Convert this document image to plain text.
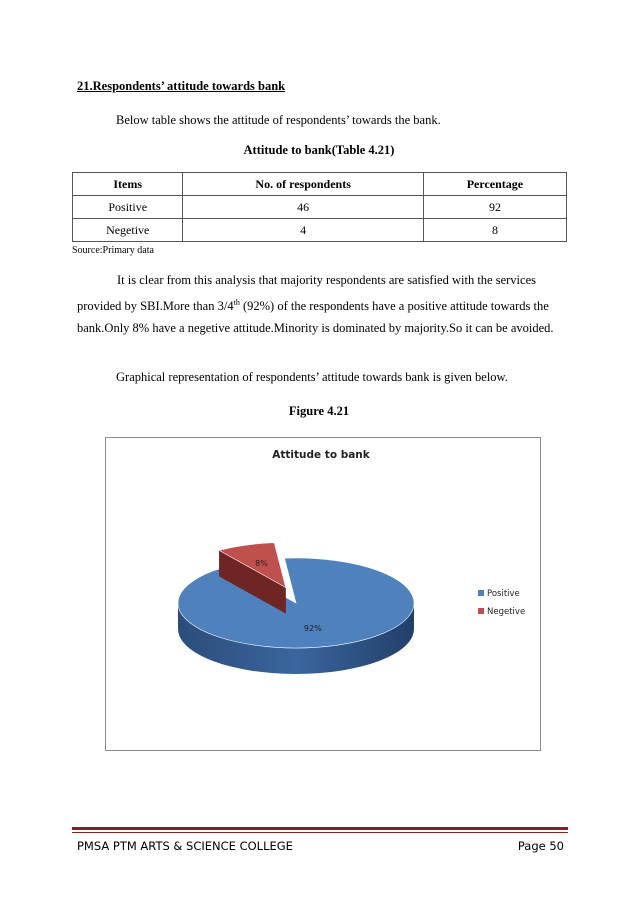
21.Respondents’ attitude towards bank
Below table shows the attitude of respondents’ towards the bank.
Attitude to bank(Table 4.21)
Items	No. of respondents	Percentage
Positive	46	92
Negetive	4	8
Source:Primary data

It is clear from this analysis that majority respondents are satisfied with the services provided by SBI.More than 3/4th (92%) of the respondents have a positive attitude towards the bank.Only 8% have a negetive attitude.Minority is dominated by majority.So it can be avoided.

Graphical representation of respondents’ attitude towards bank is given below.
Figure 4.21
92%
8%
Attitude to bank
Positive
Negetive
PMSA PTM ARTS & SCIENCE COLLEGE	Page 50
